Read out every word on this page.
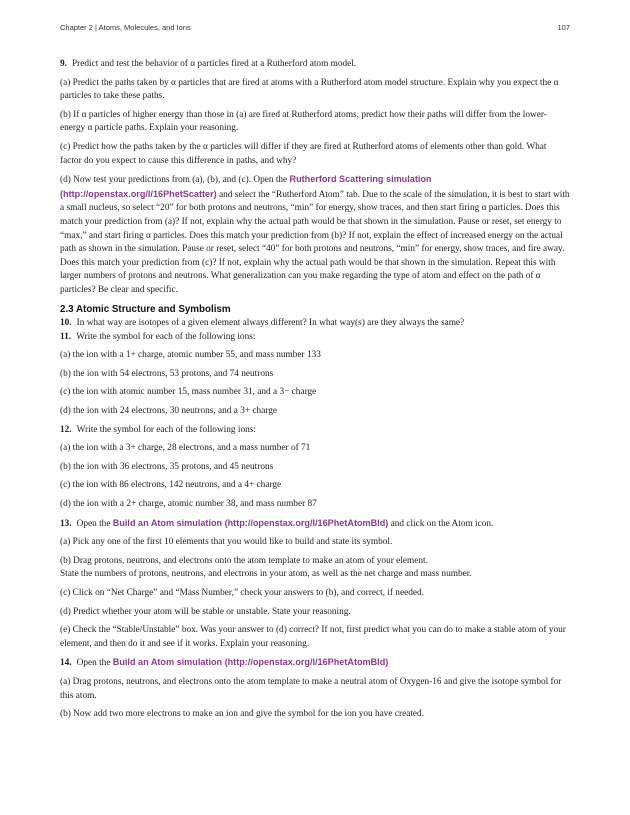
Chapter 2 | Atoms, Molecules, and Ions	107

9. Predict and test the behavior of α particles fired at a Rutherford atom model.

(a) Predict the paths taken by α particles that are fired at atoms with a Rutherford atom model structure. Explain why you expect the α particles to take these paths.

(b) If α particles of higher energy than those in (a) are fired at Rutherford atoms, predict how their paths will differ from the lower-energy α particle paths. Explain your reasoning.

(c) Predict how the paths taken by the α particles will differ if they are fired at Rutherford atoms of elements other than gold. What factor do you expect to cause this difference in paths, and why?

(d) Now test your predictions from (a), (b), and (c). Open the Rutherford Scattering simulation (http://openstax.org/l/16PhetScatter) and select the “Rutherford Atom” tab. Due to the scale of the simulation, it is best to start with a small nucleus, so select “20” for both protons and neutrons, “min” for energy, show traces, and then start firing α particles. Does this match your prediction from (a)? If not, explain why the actual path would be that shown in the simulation. Pause or reset, set energy to “max,” and start firing α particles. Does this match your prediction from (b)? If not, explain the effect of increased energy on the actual path as shown in the simulation. Pause or reset, select “40” for both protons and neutrons, “min” for energy, show traces, and fire away. Does this match your prediction from (c)? If not, explain why the actual path would be that shown in the simulation. Repeat this with larger numbers of protons and neutrons. What generalization can you make regarding the type of atom and effect on the path of α particles? Be clear and specific.

2.3 Atomic Structure and Symbolism

10. In what way are isotopes of a given element always different? In what way(s) are they always the same?

11. Write the symbol for each of the following ions:

(a) the ion with a 1+ charge, atomic number 55, and mass number 133

(b) the ion with 54 electrons, 53 protons, and 74 neutrons

(c) the ion with atomic number 15, mass number 31, and a 3− charge

(d) the ion with 24 electrons, 30 neutrons, and a 3+ charge

12. Write the symbol for each of the following ions:

(a) the ion with a 3+ charge, 28 electrons, and a mass number of 71

(b) the ion with 36 electrons, 35 protons, and 45 neutrons

(c) the ion with 86 electrons, 142 neutrons, and a 4+ charge

(d) the ion with a 2+ charge, atomic number 38, and mass number 87

13. Open the Build an Atom simulation (http://openstax.org/l/16PhetAtomBld) and click on the Atom icon.

(a) Pick any one of the first 10 elements that you would like to build and state its symbol.

(b) Drag protons, neutrons, and electrons onto the atom template to make an atom of your element.
State the numbers of protons, neutrons, and electrons in your atom, as well as the net charge and mass number.

(c) Click on “Net Charge” and “Mass Number,” check your answers to (b), and correct, if needed.

(d) Predict whether your atom will be stable or unstable. State your reasoning.

(e) Check the “Stable/Unstable” box. Was your answer to (d) correct? If not, first predict what you can do to make a stable atom of your element, and then do it and see if it works. Explain your reasoning.

14. Open the Build an Atom simulation (http://openstax.org/l/16PhetAtomBld)

(a) Drag protons, neutrons, and electrons onto the atom template to make a neutral atom of Oxygen-16 and give the isotope symbol for this atom.

(b) Now add two more electrons to make an ion and give the symbol for the ion you have created.
